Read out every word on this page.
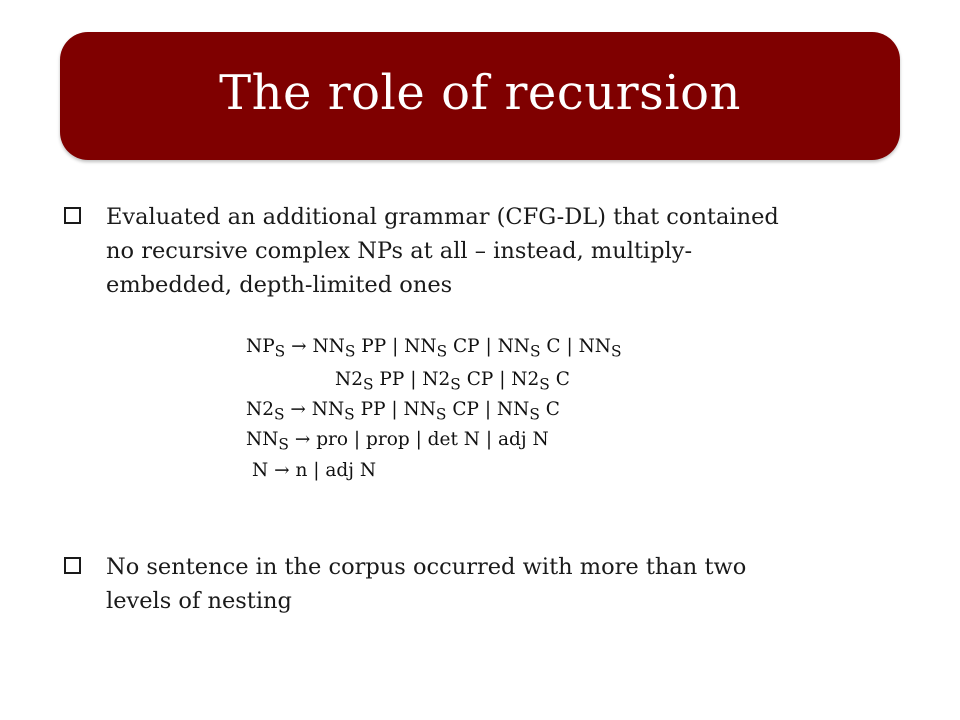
The role of recursion
Evaluated an additional grammar (CFG-DL) that contained
no recursive complex NPs at all – instead, multiply-
embedded, depth-limited ones
$NP_S \to NN_S$ PP | $NN_S$ CP | $NN_S$ C | $NN_S$
$N2_S$ PP | $N2_S$ CP | $N2_S$ C
$N2_S \to NN_S$ PP | $NN_S$ CP | $NN_S$ C
$NN_S$ → pro | prop | det N | adj N
N → n | adj N
No sentence in the corpus occurred with more than two
levels of nesting
